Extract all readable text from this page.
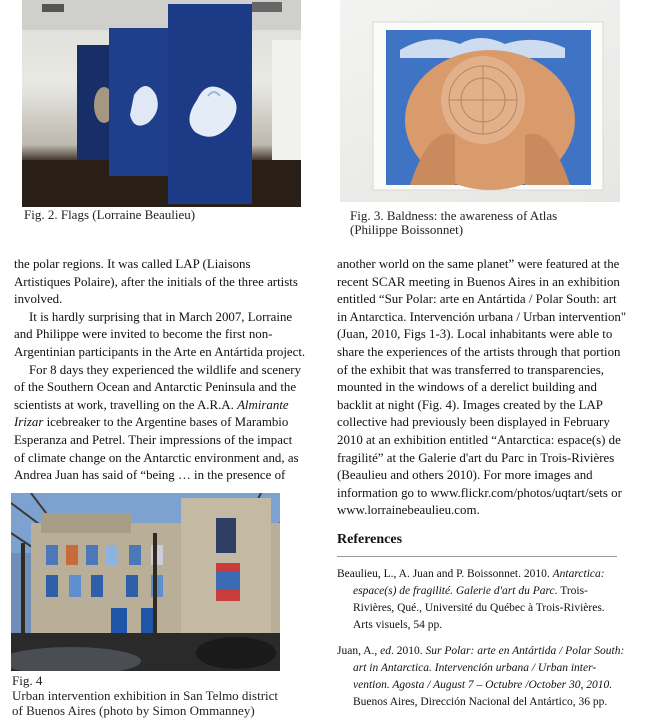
Fig. 2. Flags (Lorraine Beaulieu)	Fig. 3. Baldness: the awareness of Atlas
(Philippe Boissonnet)

the polar regions. It was called LAP (Liaisons

Artistiques Polaire), after the initials of the three artists

involved.

It is hardly surprising that in March 2007, Lorraine

and Philippe were invited to become the first non-

Argentinian participants in the Arte en Antártida project.

For 8 days they experienced the wildlife and scenery

of the Southern Ocean and Antarctic Peninsula and the

scientists at work, travelling on the A.R.A. Almirante

Irizar icebreaker to the Argentine bases of Marambio

Esperanza and Petrel. Their impressions of the impact

of climate change on the Antarctic environment and, as

Andrea Juan has said of “being … in the presence of

another world on the same planet” were featured at the

recent SCAR meeting in Buenos Aires in an exhibition

entitled “Sur Polar: arte en Antártida / Polar South: art

in Antarctica. Intervención urbana / Urban intervention"

(Juan, 2010, Figs 1-3). Local inhabitants were able to

share the experiences of the artists through that portion

of the exhibit that was transferred to transparencies,

mounted in the windows of a derelict building and

backlit at night (Fig. 4). Images created by the LAP

collective had previously been displayed in February

2010 at an exhibition entitled “Antarctica: espace(s) de

fragilité” at the Galerie d'art du Parc in Trois-Rivières

(Beaulieu and others 2010). For more images and

information go to www.flickr.com/photos/uqtart/sets or

www.lorrainebeaulieu.com.

Fig. 4
Urban intervention exhibition in San Telmo district
of Buenos Aires (photo by Simon Ommanney)
References
Beaulieu, L., A. Juan and P. Boissonnet. 2010. Antarctica:
espace(s) de fragilité. Galerie d'art du Parc. Trois-
Rivières, Qué., Université du Québec à Trois-Rivières.
Arts visuels, 54 pp.
Juan, A., ed. 2010. Sur Polar: arte en Antártida / Polar South:
art in Antarctica. Intervención urbana / Urban inter-
vention. Agosta / August 7 – Octubre /October 30, 2010.
Buenos Aires, Dirección Nacional del Antártico, 36 pp.
